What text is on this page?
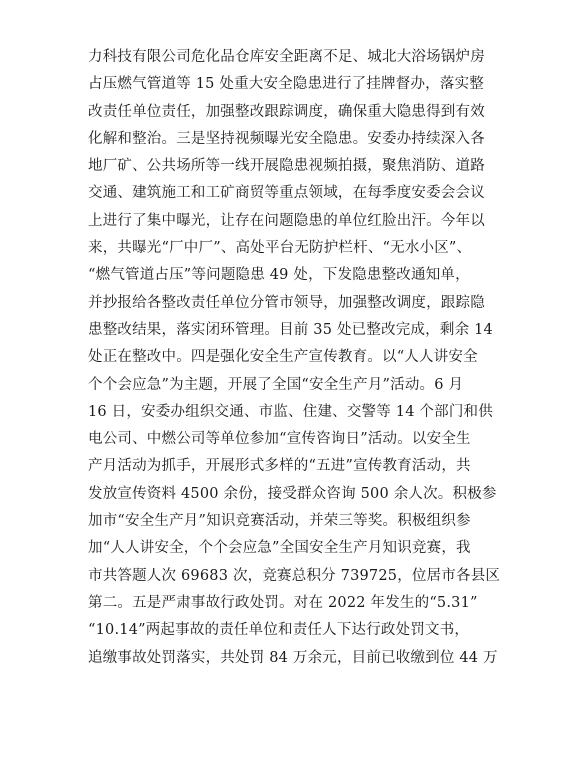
力科技有限公司危化品仓库安全距离不足、城北大浴场锅炉房
占压燃气管道等 15 处重大安全隐患进行了挂牌督办，落实整
改责任单位责任，加强整改跟踪调度，确保重大隐患得到有效
化解和整治。三是坚持视频曝光安全隐患。安委办持续深入各
地厂矿、公共场所等一线开展隐患视频拍摄，聚焦消防、道路
交通、建筑施工和工矿商贸等重点领域，在每季度安委会会议
上进行了集中曝光，让存在问题隐患的单位红脸出汗。今年以
来，共曝光“厂中厂”、高处平台无防护栏杆、“无水小区”、
“燃气管道占压”等问题隐患 49 处，下发隐患整改通知单，
并抄报给各整改责任单位分管市领导，加强整改调度，跟踪隐
患整改结果，落实闭环管理。目前 35 处已整改完成，剩余 14
处正在整改中。四是强化安全生产宣传教育。以“人人讲安全
个个会应急”为主题，开展了全国“安全生产月”活动。6 月
16 日，安委办组织交通、市监、住建、交警等 14 个部门和供
电公司、中燃公司等单位参加“宣传咨询日”活动。以安全生
产月活动为抓手，开展形式多样的“五进”宣传教育活动，共
发放宣传资料 4500 余份，接受群众咨询 500 余人次。积极参
加市“安全生产月”知识竞赛活动，并荣三等奖。积极组织参
加“人人讲安全，个个会应急”全国安全生产月知识竞赛，我
市共答题人次 69683 次，竞赛总积分 739725，位居市各县区
第二。五是严肃事故行政处罚。对在 2022 年发生的“5.31”
“10.14”两起事故的责任单位和责任人下达行政处罚文书，
追缴事故处罚落实，共处罚 84 万余元，目前已收缴到位 44 万
